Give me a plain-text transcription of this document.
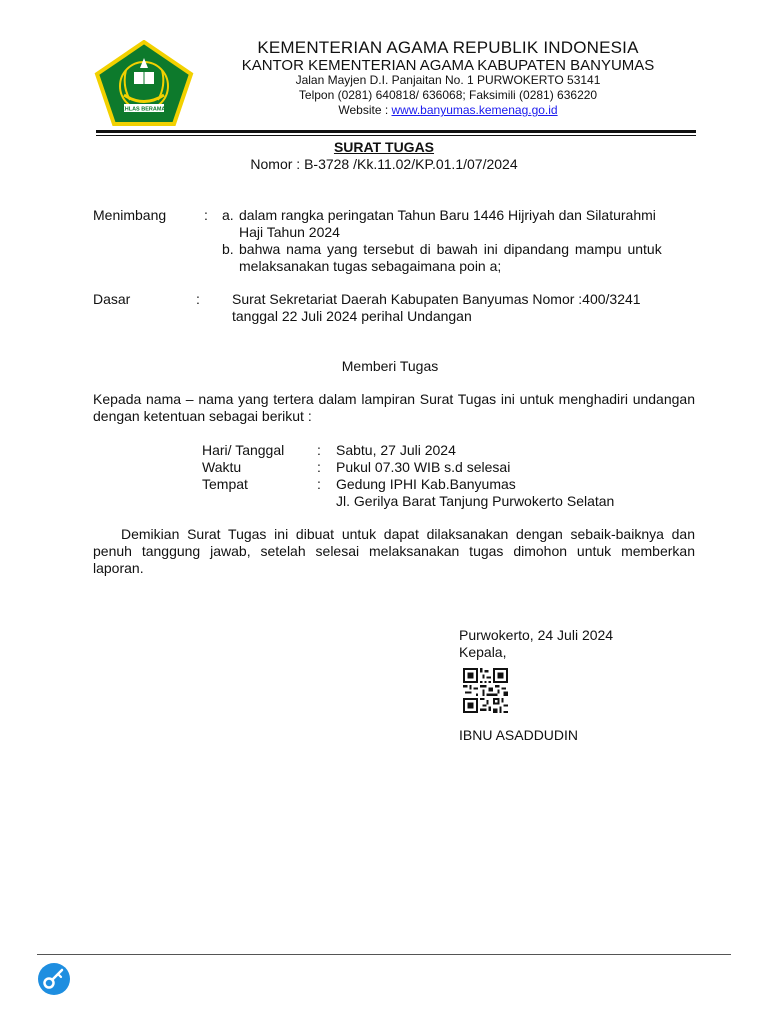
IKHLAS BERAMAL
KEMENTERIAN AGAMA REPUBLIK INDONESIA
KANTOR KEMENTERIAN AGAMA KABUPATEN BANYUMAS
Jalan Mayjen D.I. Panjaitan No. 1 PURWOKERTO 53141
Telpon (0281) 640818/ 636068; Faksimili (0281) 636220
Website : www.banyumas.kemenag.go.id
SURAT TUGAS
Nomor : B-3728 /Kk.11.02/KP.01.1/07/2024
Menimbang	: a. dalam rangka peringatan Tahun Baru 1446 Hijriyah dan Silaturahmi
Haji Tahun 2024
b. bahwa nama yang tersebut di bawah ini dipandang mampu untuk
melaksanakan tugas sebagaimana poin a;
Dasar	: Surat Sekretariat Daerah Kabupaten Banyumas Nomor :400/3241
tanggal 22 Juli 2024 perihal Undangan
Memberi Tugas
Kepada nama – nama yang tertera dalam lampiran Surat Tugas ini untuk menghadiri undangan dengan ketentuan sebagai berikut :
Hari/ Tanggal : Sabtu, 27 Juli 2024
Waktu	: Pukul 07.30 WIB s.d selesai
Tempat	: Gedung IPHI Kab.Banyumas
Jl. Gerilya Barat Tanjung Purwokerto Selatan
Demikian Surat Tugas ini dibuat untuk dapat dilaksanakan dengan sebaik-baiknya dan penuh tanggung jawab, setelah selesai melaksanakan tugas dimohon untuk memberkan laporan.
Purwokerto, 24 Juli 2024
Kepala,
IBNU ASADDUDIN
